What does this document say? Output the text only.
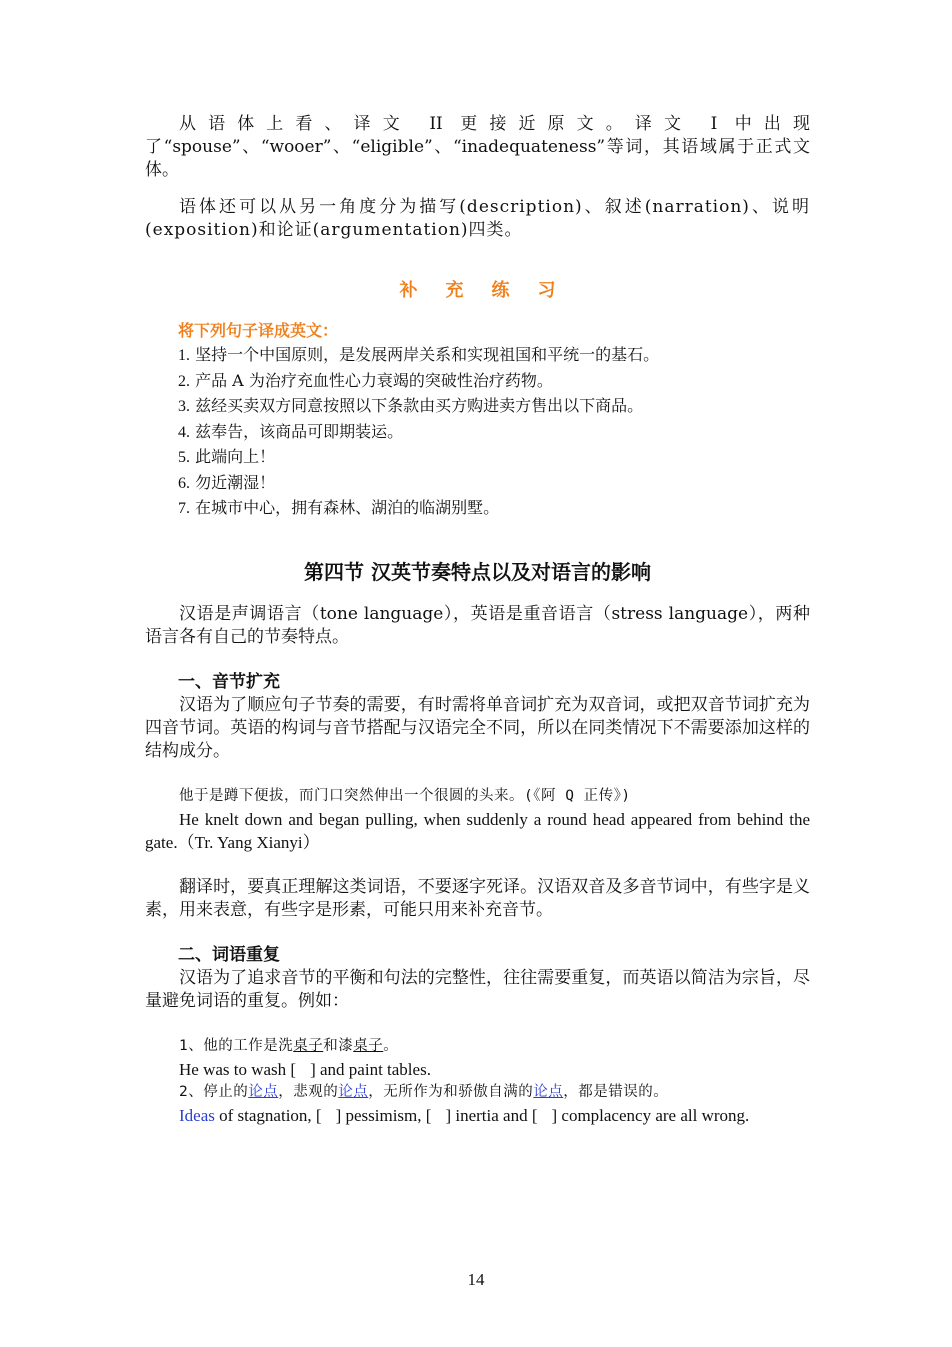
从语体上看、译文 II 更接近原文。译文 I 中出现了“spouse”、“wooer”、“eligible”、“inadequateness”等词，其语域属于正式文体。

语体还可以从另一角度分为描写(description)、叙述(narration)、说明(exposition)和论证(argumentation)四类。

补充练习

将下列句子译成英文：

1. 坚持一个中国原则，是发展两岸关系和实现祖国和平统一的基石。
2. 产品 A 为治疗充血性心力衰竭的突破性治疗药物。
3. 兹经买卖双方同意按照以下条款由买方购进卖方售出以下商品。
4. 兹奉告，该商品可即期装运。
5. 此端向上！
6. 勿近潮湿！
7. 在城市中心，拥有森林、湖泊的临湖别墅。

第四节 汉英节奏特点以及对语言的影响

汉语是声调语言（tone language），英语是重音语言（stress language），两种语言各有自己的节奏特点。

一、音节扩充

汉语为了顺应句子节奏的需要，有时需将单音词扩充为双音词，或把双音节词扩充为四音节词。英语的构词与音节搭配与汉语完全不同，所以在同类情况下不需要添加这样的结构成分。

他于是蹲下便拔，而门口突然伸出一个很圆的头来。(《阿 Q 正传》)

He knelt down and began pulling, when suddenly a round head appeared from behind the gate.（Tr. Yang Xianyi）

翻译时，要真正理解这类词语，不要逐字死译。汉语双音及多音节词中，有些字是义素，用来表意，有些字是形素，可能只用来补充音节。

二、词语重复

汉语为了追求音节的平衡和句法的完整性，往往需要重复，而英语以简洁为宗旨，尽量避免词语的重复。例如：

1、他的工作是洗桌子和漆桌子。

He was to wash [ ] and paint tables.

2、停止的论点，悲观的论点，无所作为和骄傲自满的论点，都是错误的。

Ideas of stagnation, [ ] pessimism, [ ] inertia and [ ] complacency are all wrong.

14
